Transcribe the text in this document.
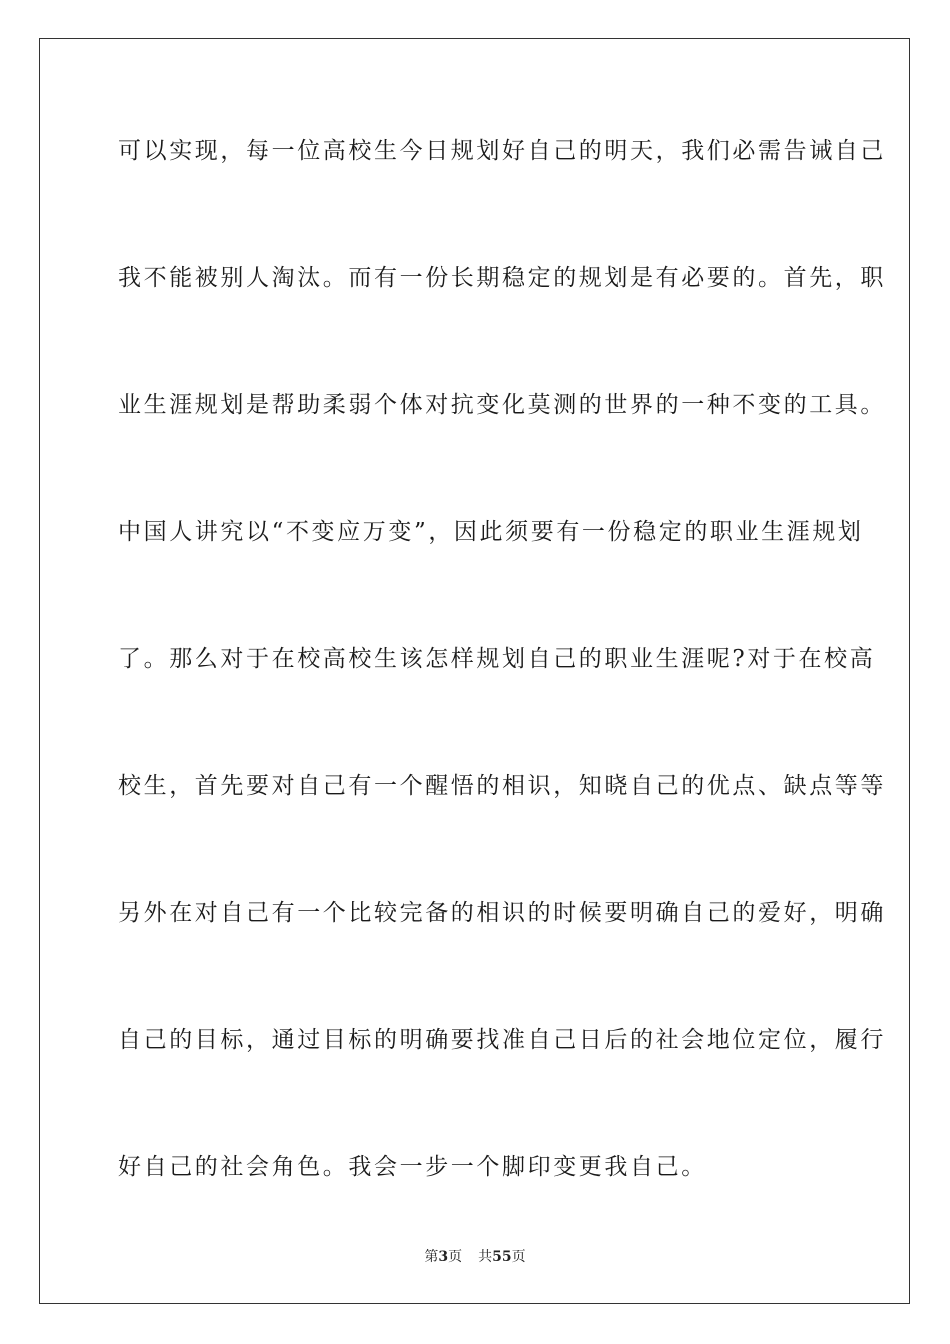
可以实现，每一位高校生今日规划好自己的明天，我们必需告诫自己
我不能被别人淘汰。而有一份长期稳定的规划是有必要的。首先，职
业生涯规划是帮助柔弱个体对抗变化莫测的世界的一种不变的工具。
中国人讲究以“不变应万变”，因此须要有一份稳定的职业生涯规划
了。那么对于在校高校生该怎样规划自己的职业生涯呢?对于在校高
校生，首先要对自己有一个醒悟的相识，知晓自己的优点、缺点等等
另外在对自己有一个比较完备的相识的时候要明确自己的爱好，明确
自己的目标，通过目标的明确要找准自己日后的社会地位定位，履行
好自己的社会角色。我会一步一个脚印变更我自己。
第3页 共55页
